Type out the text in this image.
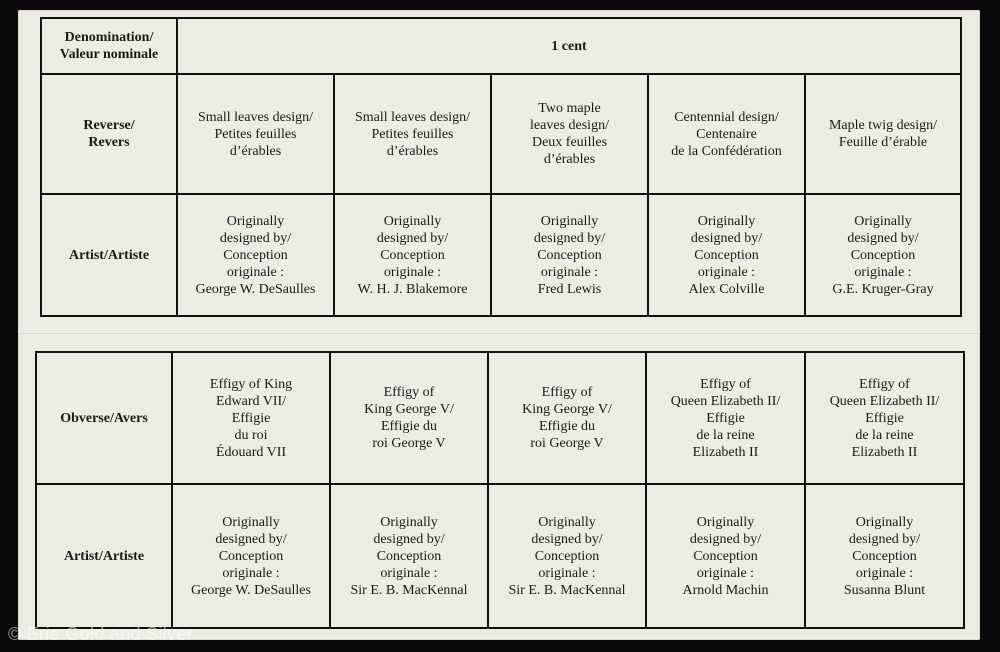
Denomination/
Valeur nominale	1 cent				

Reverse/
Revers	Small leaves design/
Petites feuilles
d’érables	Small leaves design/
Petites feuilles
d’érables	Two maple
leaves design/
Deux feuilles
d’érables	Centennial design/
Centenaire
de la Confédération	Maple twig design/
Feuille d’érable

Artist/Artiste	Originally
designed by/
Conception
originale :
George W. DeSaulles	Originally
designed by/
Conception
originale :
W. H. J. Blakemore	Originally
designed by/
Conception
originale :
Fred Lewis	Originally
designed by/
Conception
originale :
Alex Colville	Originally
designed by/
Conception
originale :
G.E. Kruger-Gray
Obverse/Avers	Effigy of King
Edward VII/
Effigie
du roi
Édouard VII	Effigy of
King George V/
Effigie du
roi George V	Effigy of
King George V/
Effigie du
roi George V	Effigy of
Queen Elizabeth II/
Effigie
de la reine
Elizabeth II	Effigy of
Queen Elizabeth II/
Effigie
de la reine
Elizabeth II

Artist/Artiste	Originally
designed by/
Conception
originale :
George W. DeSaulles	Originally
designed by/
Conception
originale :
Sir E. B. MacKennal	Originally
designed by/
Conception
originale :
Sir E. B. MacKennal	Originally
designed by/
Conception
originale :
Arnold Machin	Originally
designed by/
Conception
originale :
Susanna Blunt
© Erie Gold and Silver
